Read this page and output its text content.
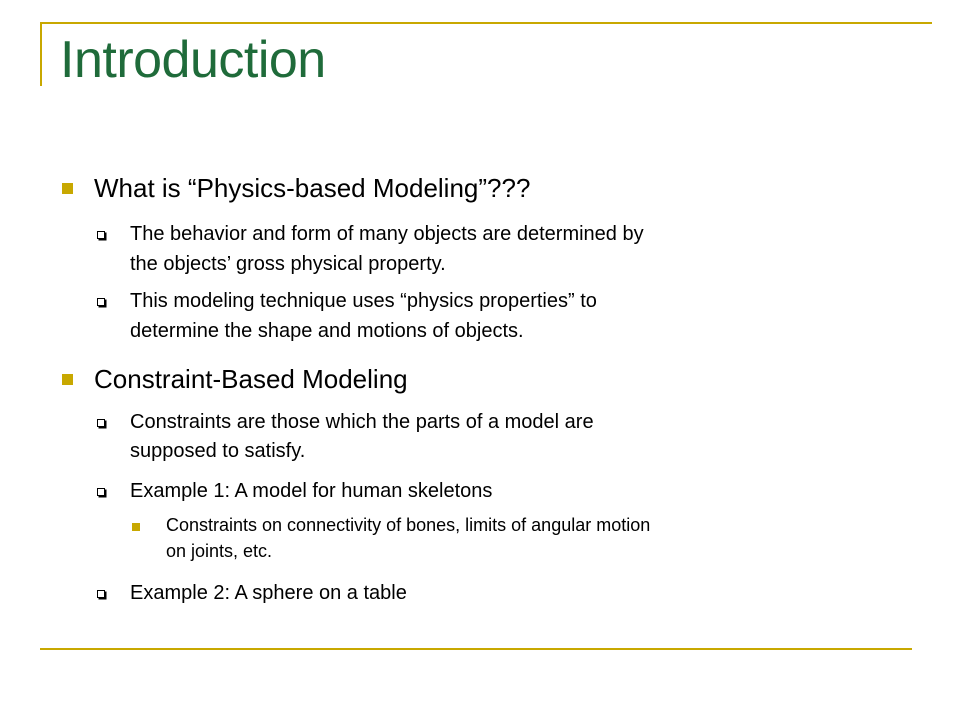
Introduction
What is “Physics-based Modeling”???
The behavior and form of many objects are determined by
the objects’ gross physical property.
This modeling technique uses “physics properties” to
determine the shape and motions of objects.
Constraint-Based Modeling
Constraints are those which the parts of a model are
supposed to satisfy.
Example 1: A model for human skeletons
Constraints on connectivity of bones, limits of angular motion
on joints, etc.
Example 2: A sphere on a table
